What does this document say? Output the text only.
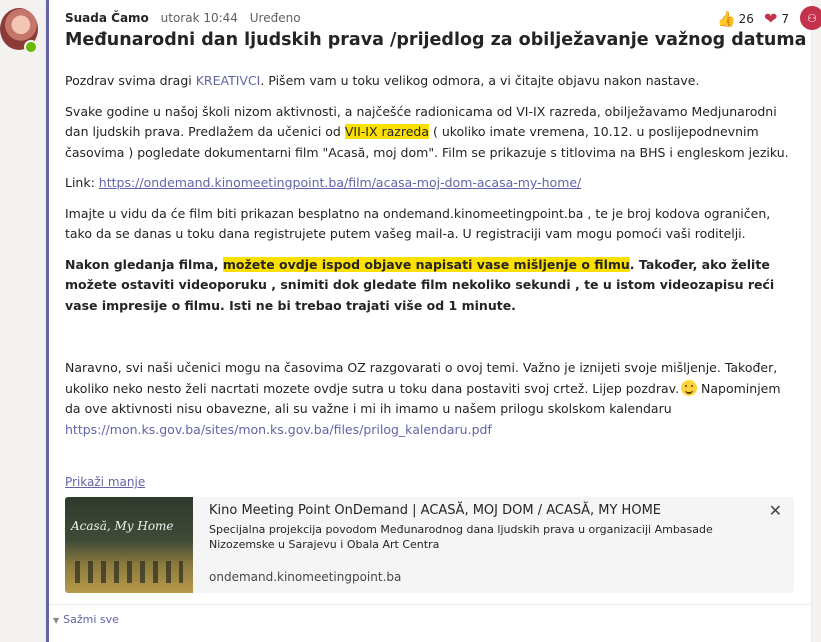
Suada Čamo utorak 10:44 Uređeno	👍 26 ❤ 7	⚇
Međunarodni dan ljudskih prava /prijedlog za obilježavanje važnog datuma

Pozdrav svima dragi KREATIVCI. Pišem vam u toku velikog odmora, a vi čitajte objavu nakon nastave.

Svake godine u našoj školi nizom aktivnosti, a najčešće radionicama od VI-IX razreda, obilježavamo Medjunarodni dan ljudskih prava. Predlažem da učenici od VII-IX razreda ( ukoliko imate vremena, 10.12. u poslijepodnevnim časovima ) pogledate dokumentarni film "Acasă, moj dom". Film se prikazuje s titlovima na BHS i engleskom jeziku.

Link: https://ondemand.kinomeetingpoint.ba/film/acasa-moj-dom-acasa-my-home/

Imajte u vidu da će film biti prikazan besplatno na ondemand.kinomeetingpoint.ba , te je broj kodova ograničen, tako da se danas u toku dana registrujete putem vašeg mail-a. U registraciji vam mogu pomoći vaši roditelji.

Nakon gledanja filma, možete ovdje ispod objave napisati vase mišljenje o filmu. Također, ako želite možete ostaviti videoporuku , snimiti dok gledate film nekoliko sekundi , te u istom videozapisu reći vase impresije o filmu. Isti ne bi trebao trajati više od 1 minute.

Naravno, svi naši učenici mogu na časovima OZ razgovarati o ovoj temi. Važno je iznijeti svoje mišljenje. Također, ukoliko neko nesto želi nacrtati mozete ovdje sutra u toku dana postaviti svoj crtež. Lijep pozdrav. Napominjem da ove aktivnosti nisu obavezne, ali su važne i mi ih imamo u našem prilogu skolskom kalendaru
https://mon.ks.gov.ba/sites/mon.ks.gov.ba/files/prilog_kalendaru.pdf

Prikaži manje
Acasă, My Home
Kino Meeting Point OnDemand | ACASĂ, MOJ DOM / ACASĂ, MY HOME
Specijalna projekcija povodom Međunarodnog dana ljudskih prava u organizaciji Ambasade Nizozemske u Sarajevu i Obala Art Centra
ondemand.kinomeetingpoint.ba
✕
▼ Sažmi sve
